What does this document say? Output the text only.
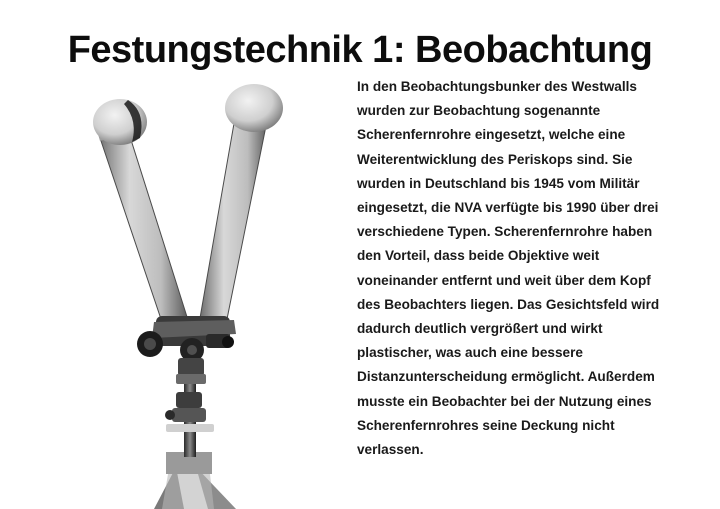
Festungstechnik 1: Beobachtung
In den Beobachtungsbunker des Westwalls
wurden zur Beobachtung sogenannte
Scherenfernrohre eingesetzt, welche eine
Weiterentwicklung des Periskops sind. Sie
wurden in Deutschland bis 1945 vom Militär
eingesetzt, die NVA verfügte bis 1990 über drei
verschiedene Typen. Scherenfernrohre haben
den Vorteil, dass beide Objektive weit
voneinander entfernt und weit über dem Kopf
des Beobachters liegen. Das Gesichtsfeld wird
dadurch deutlich vergrößert und wirkt
plastischer, was auch eine bessere
Distanzunterscheidung ermöglicht. Außerdem
musste ein Beobachter bei der Nutzung eines
Scherenfernrohres seine Deckung nicht
verlassen.
